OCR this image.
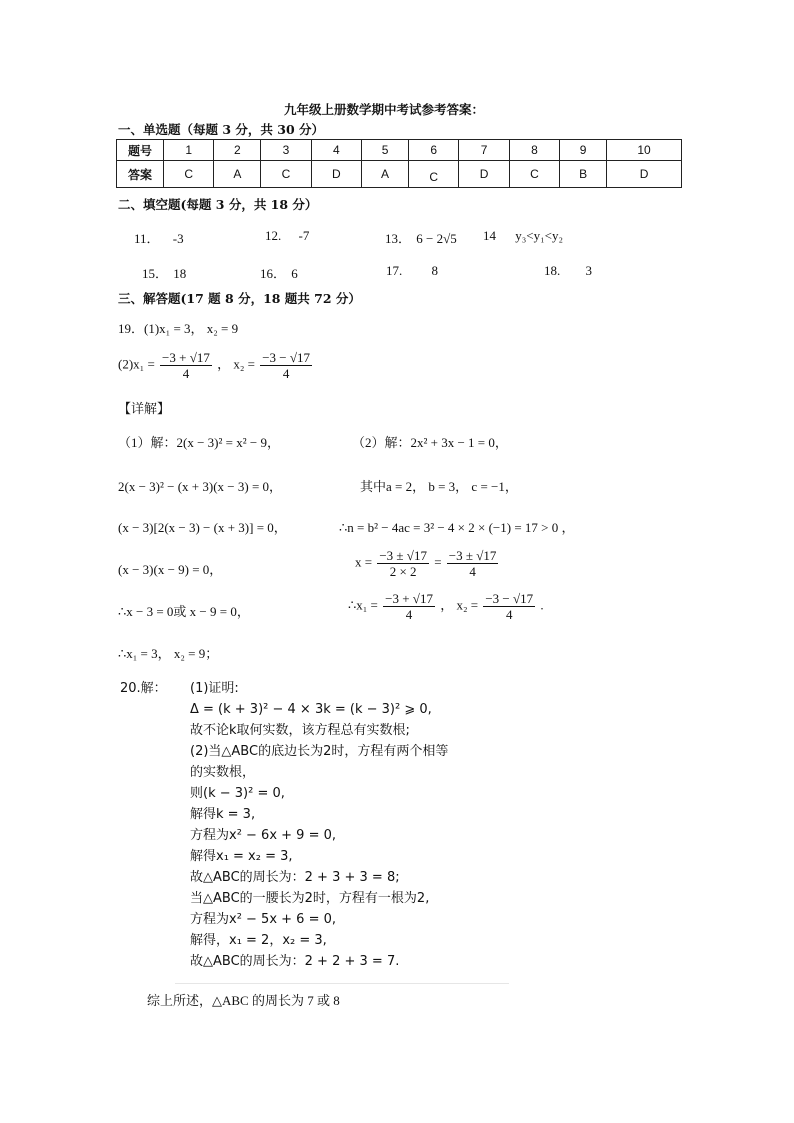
九年级上册数学期中考试参考答案：
一、单选题（每题 3 分，共 30 分）
题号	1	2	3	4	5	6	7	8	9	10
答案	C	A	C	D	A	C	D	C	B	D
二、填空题(每题 3 分，共 18 分）
11． -3	12. -7	13． 6 − 2√5 14 y₃<y₁<y₂
15． 18	16． 6	17. 8	18. 3
三、解答题(17 题 8 分，18 题共 72 分）
19．(1)x₁ = 3， x₂ = 9
$(2)x_1 = \frac{-3 + √17}{4}$ ， $x_2 = \frac{-3 - √17}{4}$
【详解】
（1）解：2(x − 3)² = x² − 9，
2(x − 3)² − (x + 3)(x − 3) = 0，
(x − 3)[2(x − 3) − (x + 3)] = 0，
(x − 3)(x − 9) = 0，
∴x − 3 = 0或 x − 9 = 0，
∴x₁ = 3， x₂ = 9；
（2）解：2x² + 3x − 1 = 0，
其中a = 2， b = 3， c = −1，
∴n = b² − 4ac = 3² − 4 × 2 × (−1) = 17 > 0 ，
$x = \frac{-3 \pm √17}{2 \times 2} = \frac{-3 \pm √17}{4}$
∴x₁ = $\frac{-3 + √17}{4}$ ， $x_2 = \frac{-3 - √17}{4}$ .
20.解： (1)证明:
Δ = (k + 3)² − 4 × 3k = (k − 3)² ⩾ 0,
故不论k取何实数，该方程总有实数根;
(2)当△ABC的底边长为2时，方程有两个相等
的实数根，
则(k − 3)² = 0,
解得k = 3,
方程为x² − 6x + 9 = 0,
解得x₁ = x₂ = 3,
故△ABC的周长为：2 + 3 + 3 = 8;
当△ABC的一腰长为2时，方程有一根为2,
方程为x² − 5x + 6 = 0,
解得，x₁ = 2，x₂ = 3,
故△ABC的周长为：2 + 2 + 3 = 7.
综上所述，△ABC 的周长为 7 或 8
